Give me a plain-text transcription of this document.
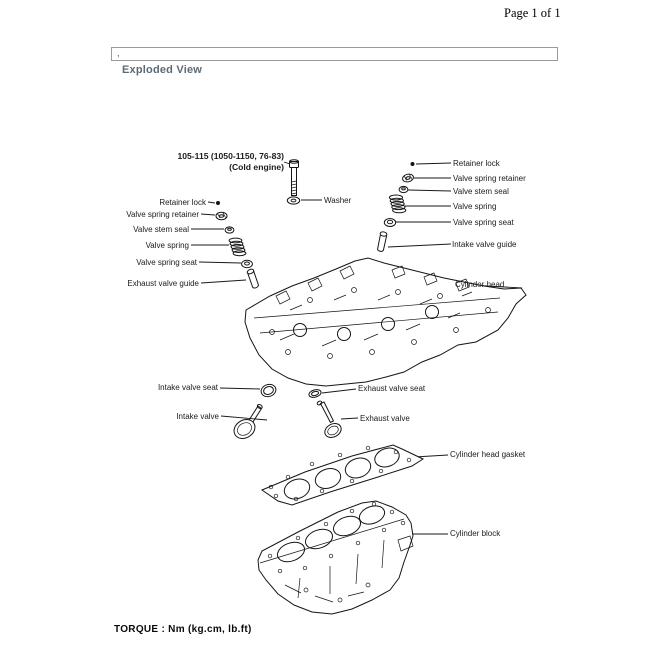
Page 1 of 1
,
Exploded View
105-115 (1050-1150, 76-83)
(Cold engine)
Washer
Retainer lock
Valve spring retainer
Valve stem seal
Valve spring
Valve spring seat
Exhaust valve guide
Retainer lock
Valve spring retainer
Valve stem seal
Valve spring
Valve spring seat
Intake valve guide
Cylinder head
Intake valve seat	Exhaust valve seat
Intake valve	Exhaust valve
Cylinder head gasket
Cylinder block
TORQUE : Nm (kg.cm, lb.ft)
